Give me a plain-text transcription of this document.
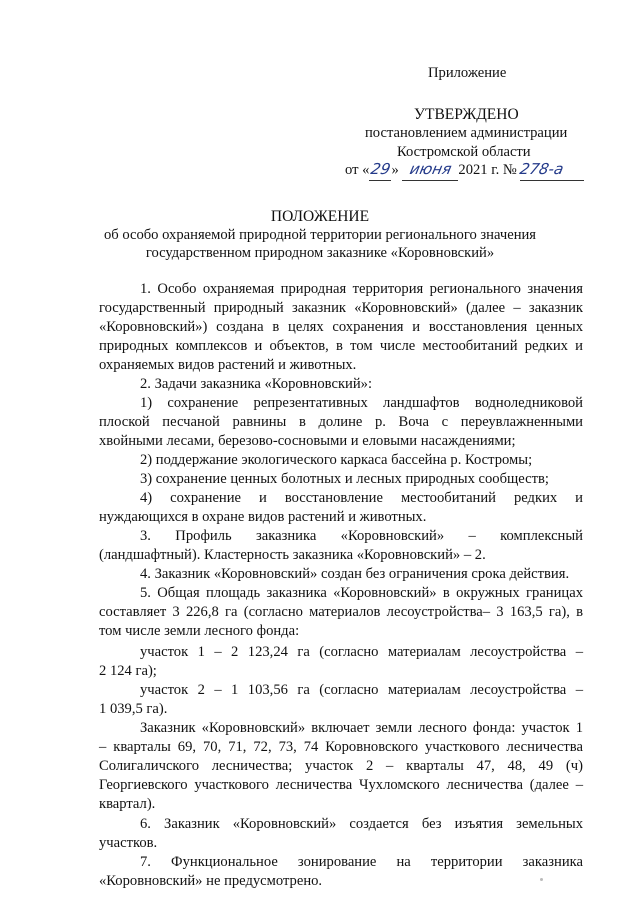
Приложение
УТВЕРЖДЕНО
постановлением администрации
Костромской области
от «29» июня 2021 г. № 278-а
ПОЛОЖЕНИЕ
об особо охраняемой природной территории регионального значения
государственном природном заказнике «Коровновский»
1. Особо охраняемая природная территория регионального значения
государственный природный заказник «Коровновский» (далее – заказник
«Коровновский») создана в целях сохранения и восстановления ценных
природных комплексов и объектов, в том числе местообитаний редких и
охраняемых видов растений и животных.
2. Задачи заказника «Коровновский»:
1) сохранение репрезентативных ландшафтов водноледниковой
плоской песчаной равнины в долине р. Воча с переувлажненными
хвойными лесами, березово-сосновыми и еловыми насаждениями;
2) поддержание экологического каркаса бассейна р. Костромы;
3) сохранение ценных болотных и лесных природных сообществ;
4) сохранение и восстановление местообитаний редких и
нуждающихся в охране видов растений и животных.
3. Профиль заказника «Коровновский» – комплексный
(ландшафтный). Кластерность заказника «Коровновский» – 2.
4. Заказник «Коровновский» создан без ограничения срока действия.
5. Общая площадь заказника «Коровновский» в окружных границах
составляет 3 226,8 га (согласно материалов лесоустройства– 3 163,5 га), в
том числе земли лесного фонда:
участок 1 – 2 123,24 га (согласно материалам лесоустройства –
2 124 га);
участок 2 – 1 103,56 га (согласно материалам лесоустройства –
1 039,5 га).
Заказник «Коровновский» включает земли лесного фонда: участок 1
– кварталы 69, 70, 71, 72, 73, 74 Коровновского участкового лесничества
Солигаличского лесничества; участок 2 – кварталы 47, 48, 49 (ч)
Георгиевского участкового лесничества Чухломского лесничества (далее –
квартал).
6. Заказник «Коровновский» создается без изъятия земельных
участков.
7. Функциональное зонирование на территории заказника
«Коровновский» не предусмотрено.
